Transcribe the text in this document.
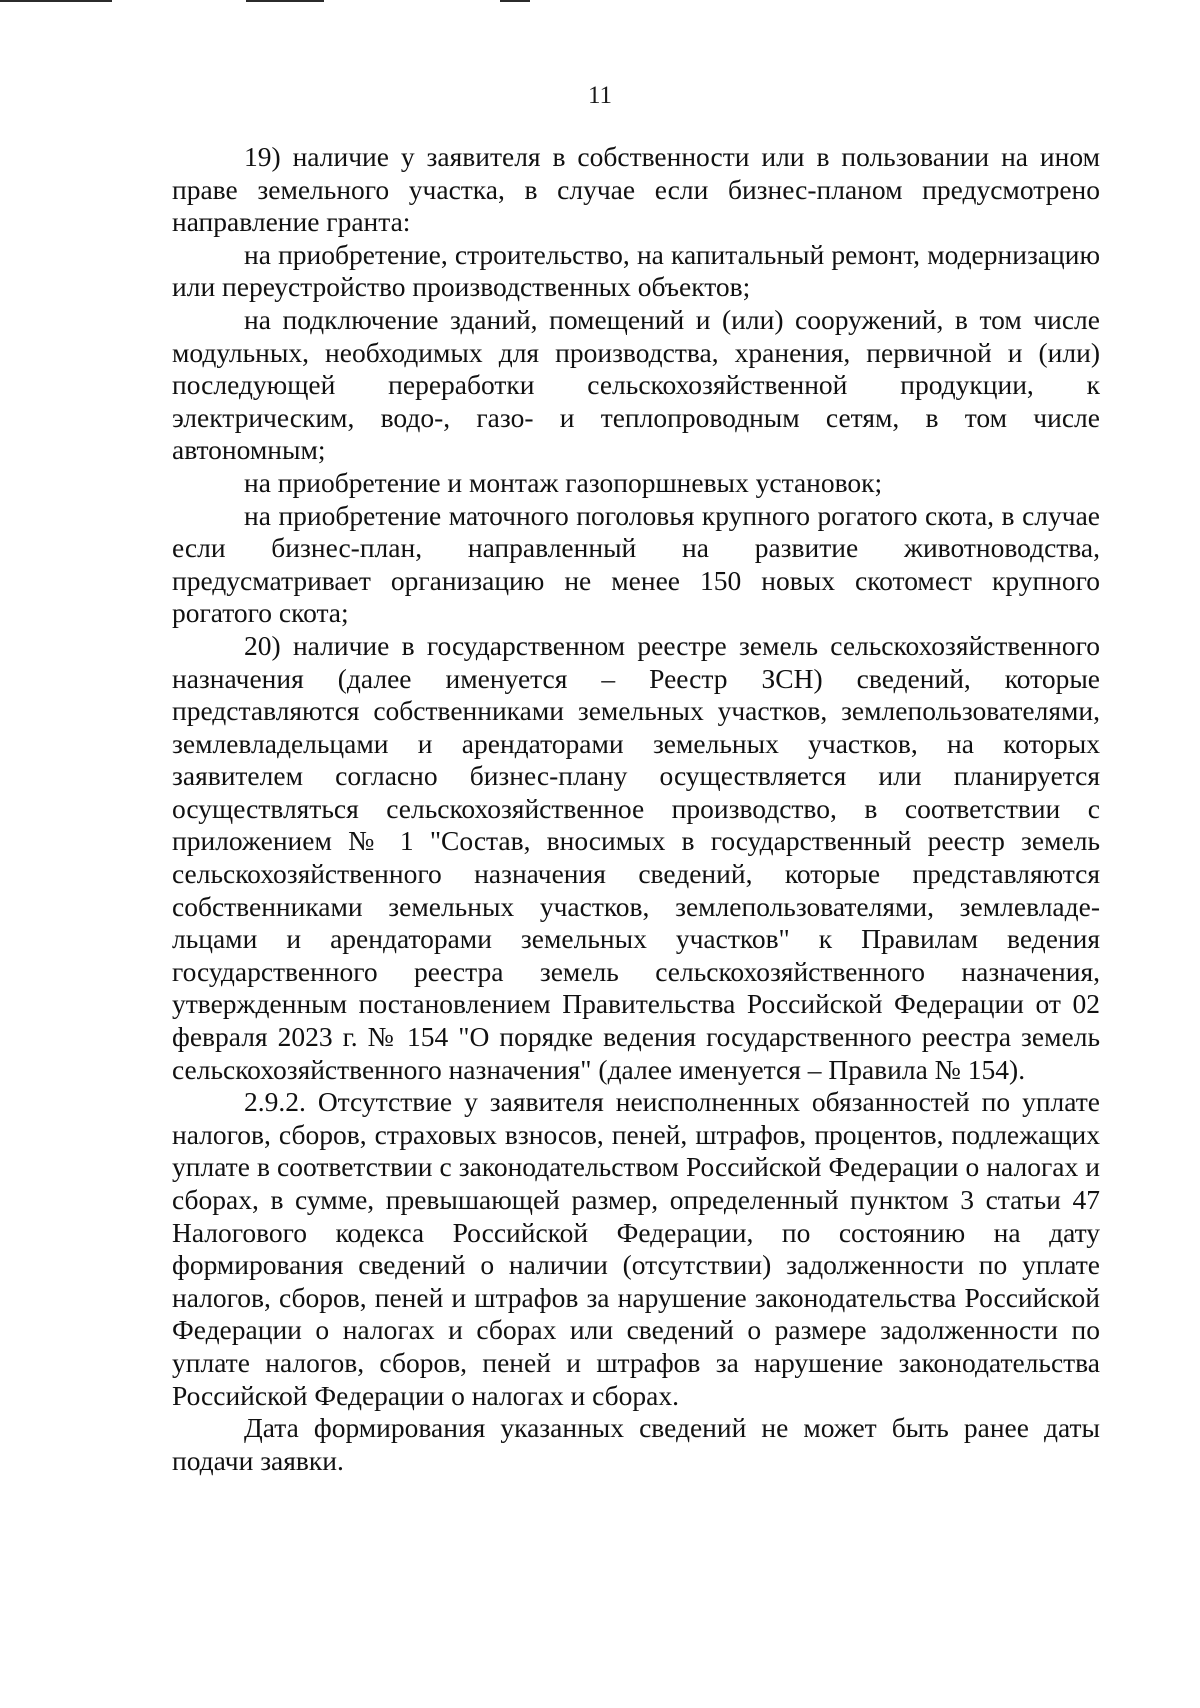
11

19) наличие у заявителя в собственности или в пользовании на ином праве земельного участка, в случае если бизнес-планом предусмотрено направление гранта:

на приобретение, строительство, на капитальный ремонт, модернизацию или переустройство производственных объектов;

на подключение зданий, помещений и (или) сооружений, в том числе модульных, необходимых для производства, хранения, первичной и (или) последующей переработки сельскохозяйственной продукции, к электрическим, водо-, газо- и теплопроводным сетям, в том числе автономным;

на приобретение и монтаж газопоршневых установок;

на приобретение маточного поголовья крупного рогатого скота, в случае если бизнес-план, направленный на развитие животноводства, предусматривает организацию не менее 150 новых скотомест крупного рогатого скота;

20) наличие в государственном реестре земель сельскохозяйственного назначения (далее именуется – Реестр ЗСН) сведений, которые представляются собственниками земельных участков, землепользователями, землевладельцами и арендаторами земельных участков, на которых заявителем согласно бизнес-плану осуществляется или планируется осуществляться сельскохозяйственное производство, в соответствии с приложением № 1 "Состав, вносимых в государственный реестр земель сельскохозяйственного назначения сведений, которые представляются собственниками земельных участков, землепользователями, землевладельцами и арендаторами земельных участков" к Правилам ведения государственного реестра земель сельскохозяйственного назначения, утвержденным постановлением Правительства Российской Федерации от 02 февраля 2023 г. № 154 "О порядке ведения государственного реестра земель сельскохозяйственного назначения" (далее именуется – Правила № 154).

2.9.2. Отсутствие у заявителя неисполненных обязанностей по уплате налогов, сборов, страховых взносов, пеней, штрафов, процентов, подлежащих уплате в соответствии с законодательством Российской Федерации о налогах и сборах, в сумме, превышающей размер, определенный пунктом 3 статьи 47 Налогового кодекса Российской Федерации, по состоянию на дату формирования сведений о наличии (отсутствии) задолженности по уплате налогов, сборов, пеней и штрафов за нарушение законодательства Российской Федерации о налогах и сборах или сведений о размере задолженности по уплате налогов, сборов, пеней и штрафов за нарушение законодательства Российской Федерации о налогах и сборах.

Дата формирования указанных сведений не может быть ранее даты подачи заявки.
